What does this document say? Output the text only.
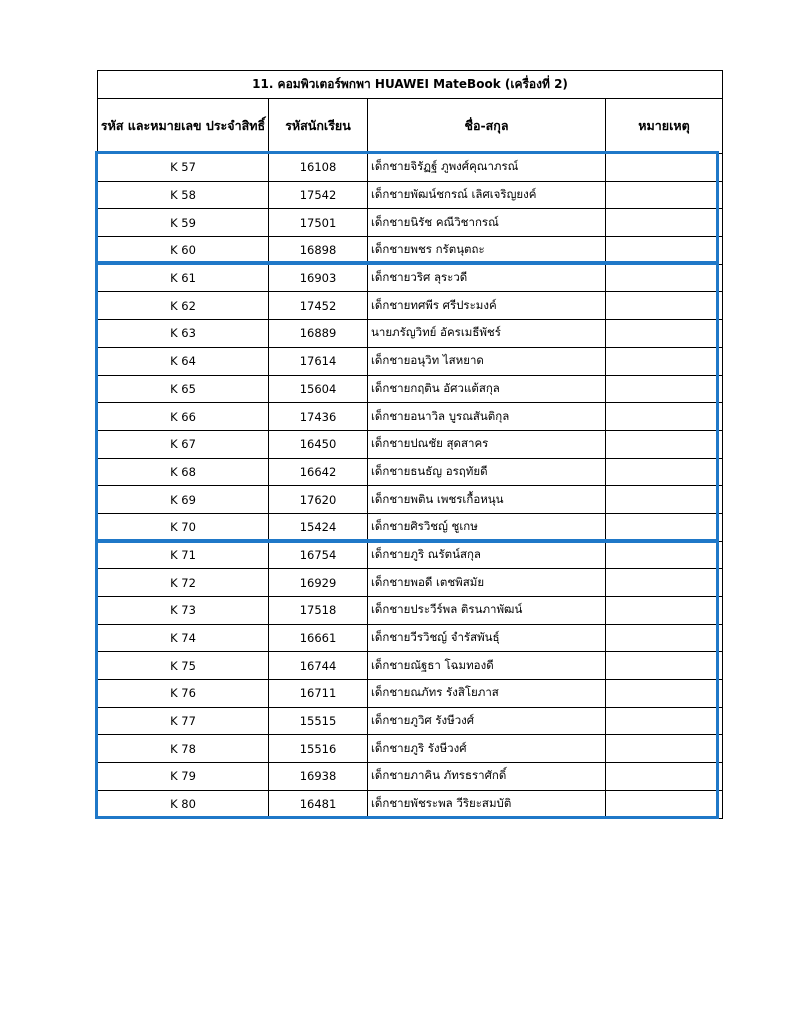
11. คอมพิวเตอร์พกพา HUAWEI MateBook (เครื่องที่ 2)			
รหัส และหมายเลข ประจำสิทธิ์	รหัสนักเรียน	ชื่อ-สกุล	หมายเหตุ
K 57	16108	เด็กชายจิรัฏฐ์ ภูพงศ์คุณาภรณ์	
K 58	17542	เด็กชายพัฒน์ชกรณ์ เลิศเจริญยงค์	
K 59	17501	เด็กชายนิรัช คณีวิชากรณ์	
K 60	16898	เด็กชายพชร กรัตนุตถะ	
K 61	16903	เด็กชายวริศ ลุระวดี	
K 62	17452	เด็กชายทศพีร ศรีประมงค์	
K 63	16889	นายภรัญวิทย์ อัครเมธีพัชร์	
K 64	17614	เด็กชายอนุวิท ไสหยาด	
K 65	15604	เด็กชายกฤติน อัศวแต้สกุล	
K 66	17436	เด็กชายอนาวิล บูรณสันติกุล	
K 67	16450	เด็กชายปณชัย สุดสาคร	
K 68	16642	เด็กชายธนธัญ อรฤทัยดี	
K 69	17620	เด็กชายพติน เพชรเกื้อหนุน	
K 70	15424	เด็กชายศิรวิชญ์ ชูเกษ	
K 71	16754	เด็กชายภูริ ณรัตน์สกุล	
K 72	16929	เด็กชายพอดี เตชพิสมัย	
K 73	17518	เด็กชายประวีร์พล ติรนภาพัฒน์	
K 74	16661	เด็กชายวีรวิชญ์ จำรัสพันธุ์	
K 75	16744	เด็กชายณัฐธา โฉมทองดี	
K 76	16711	เด็กชายณภัทร รังสิโยภาส	
K 77	15515	เด็กชายภูวิศ รังษีวงศ์	
K 78	15516	เด็กชายภูริ รังษีวงศ์	
K 79	16938	เด็กชายภาคิน ภัทรธราศักดิ์	
K 80	16481	เด็กชายพัชระพล วีริยะสมบัติ	
